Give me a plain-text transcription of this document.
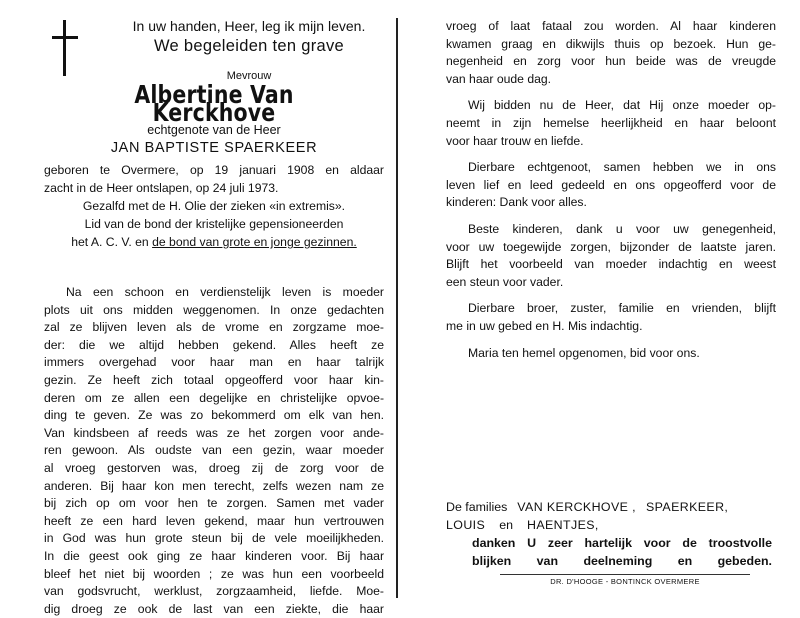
In uw handen, Heer, leg ik mijn leven.
We begeleiden ten grave
Mevrouw
Albertine Van Kerckhove
echtgenote van de Heer
JAN BAPTISTE SPAERKEER
geboren te Overmere, op 19 januari 1908 en aldaar
zacht in de Heer ontslapen, op 24 juli 1973.
Gezalfd met de H. Olie der zieken «in extremis».
Lid van de bond der kristelijke gepensioneerden
het A. C. V. en de bond van grote en jonge gezinnen.
Na een schoon en verdienstelijk leven is moeder
plots uit ons midden weggenomen. In onze gedachten
zal ze blijven leven als de vrome en zorgzame moe-
der: die we altijd hebben gekend. Alles heeft ze
immers overgehad voor haar man en haar talrijk
gezin. Ze heeft zich totaal opgeofferd voor haar kin-
deren om ze allen een degelijke en christelijke opvoe-
ding te geven. Ze was zo bekommerd om elk van hen.
Van kindsbeen af reeds was ze het zorgen voor ande-
ren gewoon. Als oudste van een gezin, waar moeder
al vroeg gestorven was, droeg zij de zorg voor de
anderen. Bij haar kon men terecht, zelfs wezen nam ze
bij zich op om voor hen te zorgen. Samen met vader
heeft ze een hard leven gekend, maar hun vertrouwen
in God was hun grote steun bij de vele moeilijkheden.
In die geest ook ging ze haar kinderen voor. Bij haar
bleef het niet bij woorden ; ze was hun een voorbeeld
van godsvrucht, werklust, zorgzaamheid, liefde. Moe-
dig droeg ze ook de last van een ziekte, die haar
vroeg of laat fataal zou worden. Al haar kinderen
kwamen graag en dikwijls thuis op bezoek. Hun ge-
negenheid en zorg voor hun beide was de vreugde
van haar oude dag.
Wij bidden nu de Heer, dat Hij onze moeder op-
neemt in zijn hemelse heerlijkheid en haar beloont
voor haar trouw en liefde.
Dierbare echtgenoot, samen hebben we in ons
leven lief en leed gedeeld en ons opgeofferd voor de
kinderen: Dank voor alles.
Beste kinderen, dank u voor uw genegenheid,
voor uw toegewijde zorgen, bijzonder de laatste jaren.
Blijft het voorbeeld van moeder indachtig en weest
een steun voor vader.
Dierbare broer, zuster, familie en vrienden, blijft
me in uw gebed en H. Mis indachtig.
Maria ten hemel opgenomen, bid voor ons.
De families VAN KERCKHOVE , SPAERKEER,
LOUIS en HAENTJES,
danken U zeer hartelijk voor de troostvolle
blijken van deelneming en gebeden.
DR. D'HOOGE - BONTINCK OVERMERE
